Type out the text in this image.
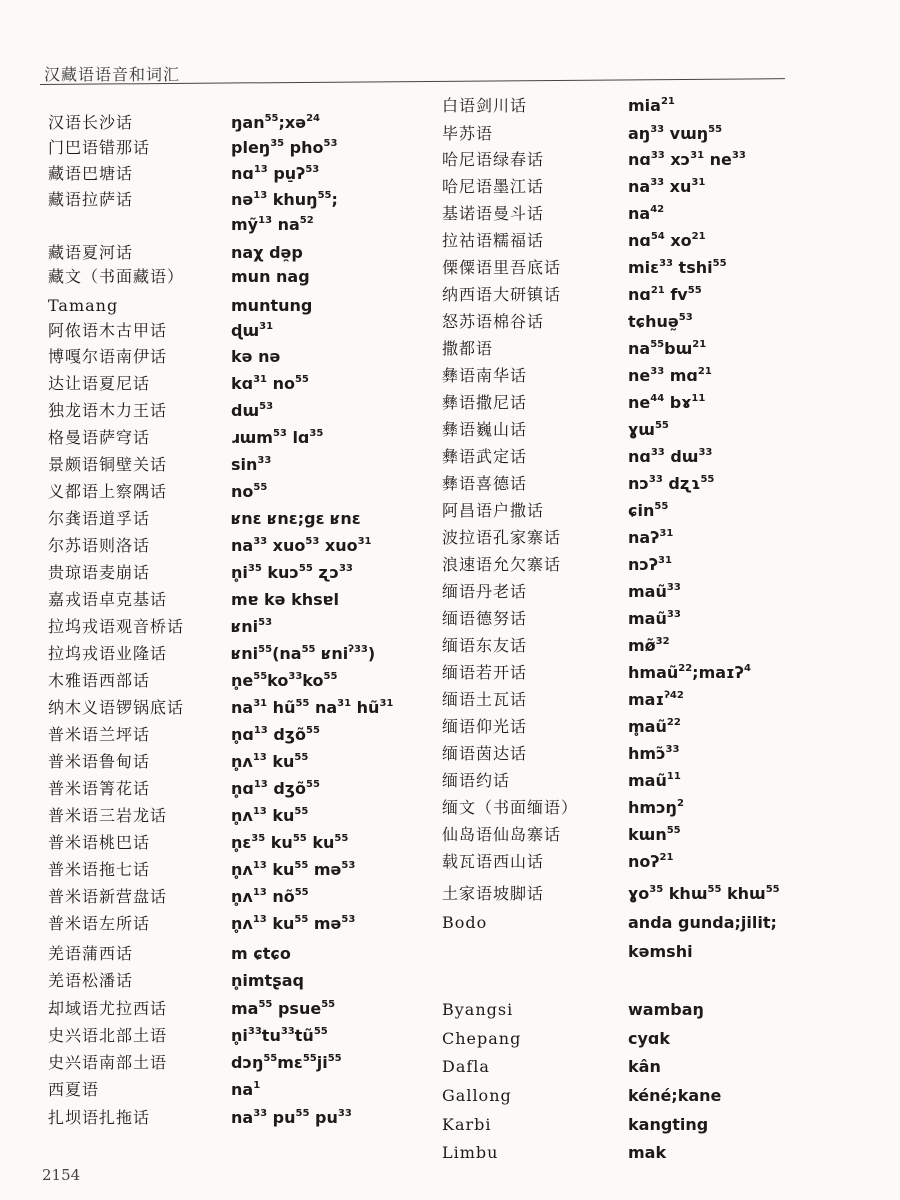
汉藏语语音和词汇
汉语长沙话	ŋan$^{55}$;xə$^{24}$
门巴语错那话	pleŋ$^{35}$ pho$^{53}$
藏语巴塘话	nɑ$^{13}$ pu̠ʔ$^{53}$
藏语拉萨话	nə$^{13}$ khuŋ$^{55}$;
mỹ$^{13}$ $na^{52}$
藏语夏河话	naχ də̯p
藏文（书面藏语）	mun nag
Tamang	muntung
阿侬语木古甲话	ɖɯ$^{31}$
博嘎尔语南伊话	kə nə
达让语夏尼话	kɑ$^{31}$ $no^{55}$
独龙语木力王话	dɯ$^{53}$
格曼语萨穹话	ɹɯm$^{53}$ lɑ$^{35}$
景颇语铜壁关话	$\sin^{33}$
义都语上察隅话	$no^{55}$
尔龚语道孚话	ʁnɛ ʁnɛ;gɛ ʁnɛ
尔苏语则洛话	$na^{33}$ xuo$^{53}$ xuo$^{31}$
贵琼语麦崩话	$n̥i^{35}$ kuɔ$^{55}$ ʐɔ$^{33}$
嘉戎语卓克基话	mɐ kə khsɐl
拉坞戎语观音桥话	ʁni$^{53}$
拉坞戎语业隆话	$ʁni^{55}(na^{55}$ ʁni$^{ʔ33}$)
木雅语西部话	$n̥e^{55}ko^{33}ko^{55}$
纳木义语锣锅底话	$na^{31}$ $hũ^{55}$ $na^{31}$ $hũ^{31}$
普米语兰坪话	n̥ɑ$^{13}$ dʒõ$^{55}$
普米语鲁甸话	n̥ʌ$^{13}$ $ku^{55}$
普米语箐花话	n̥ɑ$^{13}$ dʒõ$^{55}$
普米语三岩龙话	n̥ʌ$^{13}$ $ku^{55}$
普米语桃巴话	n̥ɛ$^{35}$ $ku^{55}$ $ku^{55}$
普米语拖七话	n̥ʌ$^{13}$ $ku^{55}$ mə$^{53}$
普米语新营盘话	n̥ʌ$^{13}$ $nõ^{55}$
普米语左所话	n̥ʌ$^{13}$ $ku^{55}$ mə$^{53}$
羌语蒲西话	m ɕtɕo
羌语松潘话	n̥imtʂaq
却域语尤拉西话	$ma^{55}$ psue$^{55}$
史兴语北部土语	$n̥i^{33}tu^{33}tũ^{55}$
史兴语南部土语	$dɔŋ^{55}mɛ^{55}ji^{55}$
西夏语	$na^1$
扎坝语扎拖话	$na^{33}$ $pu^{55}$ $pu^{33}$
白语剑川话	mia$^{21}$
毕苏语	$aŋ^{33}$ vɯŋ$^{55}$
哈尼语绿春话	nɑ$^{33}$ xɔ$^{31}$ $ne^{33}$
哈尼语墨江话	$na^{33}$ $xu^{31}$
基诺语曼斗话	$na^{42}$
拉祜语糯福话	nɑ$^{54}$ $xo^{21}$
傈僳语里吾底话	miɛ$^{33}$ tshi$^{55}$
纳西语大研镇话	nɑ$^{21}$ $fv^{55}$
怒苏语棉谷话	tɕhuə̰$^{53}$
撒都语	$na^{55}bɯ^{21}$
彝语南华话	$ne^{33}$ mɑ$^{21}$
彝语撒尼话	$ne^{44}$ bɤ$^{11}$
彝语巍山话	ɣɯ$^{55}$
彝语武定话	nɑ$^{33}$ dɯ$^{33}$
彝语喜德话	nɔ$^{33}$ dʐɿ$^{55}$
阿昌语户撒话	ɕin$^{55}$
波拉语孔家寨话	naʔ$^{31}$
浪速语允欠寨话	nɔʔ$^{31}$
缅语丹老话	maũ$^{33}$
缅语德努话	maũ$^{33}$
缅语东友话	mø̃$^{32}$
缅语若开话	hmaũ$^{22}$;maɪʔ$^4$
缅语土瓦话	maɪ$^{ʔ42}$
缅语仰光话	$m̥aũ^{22}$
缅语茵达话	hmɔ̃$^{33}$
缅语约话	maũ$^{11}$
缅文（书面缅语）	hmɔŋ$^2$
仙岛语仙岛寨话	kɯn$^{55}$
载瓦语西山话	noʔ$^{21}$
土家语坡脚话	ɣo$^{35}$ khɯ$^{55}$ khɯ$^{55}$
Bodo	anda gunda;jilit;
kəmshi
Byangsi	wambaŋ
Chepang	cyɑk
Dafla	kân
Gallong	kéné;kane
Karbi	kangting
Limbu	mak
2154
